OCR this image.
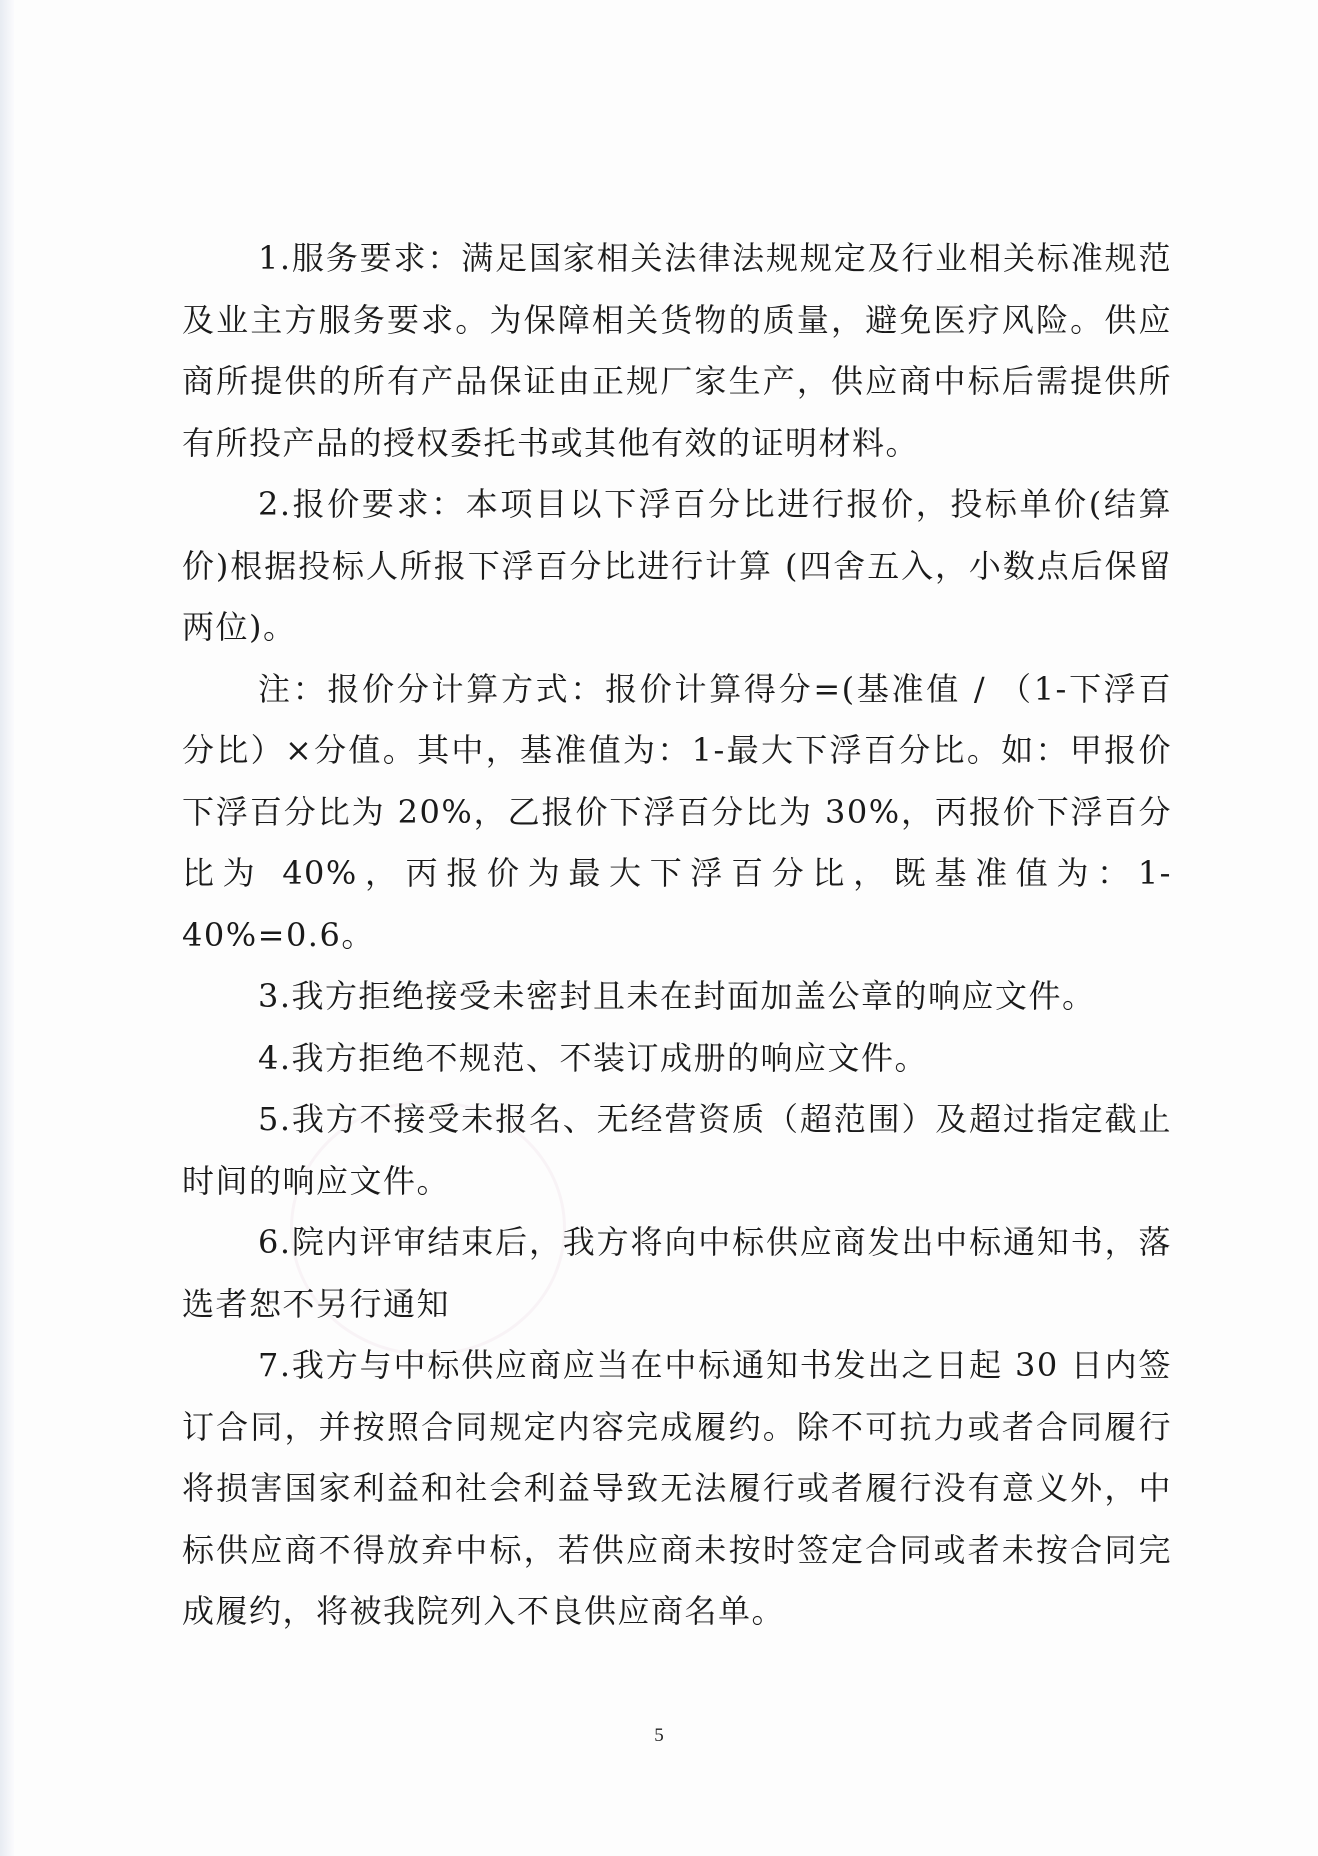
1.服务要求：满足国家相关法律法规规定及行业相关标准规范及业主方服务要求。为保障相关货物的质量，避免医疗风险。供应商所提供的所有产品保证由正规厂家生产，供应商中标后需提供所有所投产品的授权委托书或其他有效的证明材料。

2.报价要求：本项目以下浮百分比进行报价，投标单价(结算价)根据投标人所报下浮百分比进行计算 (四舍五入，小数点后保留两位)。

注：报价分计算方式：报价计算得分=(基准值 / （1-下浮百分比）×分值。其中，基准值为：1-最大下浮百分比。如：甲报价下浮百分比为 20%，乙报价下浮百分比为 30%，丙报价下浮百分比为 40%，丙报价为最大下浮百分比，既基准值为：1-40%=0.6。

3.我方拒绝接受未密封且未在封面加盖公章的响应文件。

4.我方拒绝不规范、不装订成册的响应文件。

5.我方不接受未报名、无经营资质（超范围）及超过指定截止时间的响应文件。

6.院内评审结束后，我方将向中标供应商发出中标通知书，落选者恕不另行通知

7.我方与中标供应商应当在中标通知书发出之日起 30 日内签订合同，并按照合同规定内容完成履约。除不可抗力或者合同履行将损害国家利益和社会利益导致无法履行或者履行没有意义外，中标供应商不得放弃中标，若供应商未按时签定合同或者未按合同完成履约，将被我院列入不良供应商名单。

5
